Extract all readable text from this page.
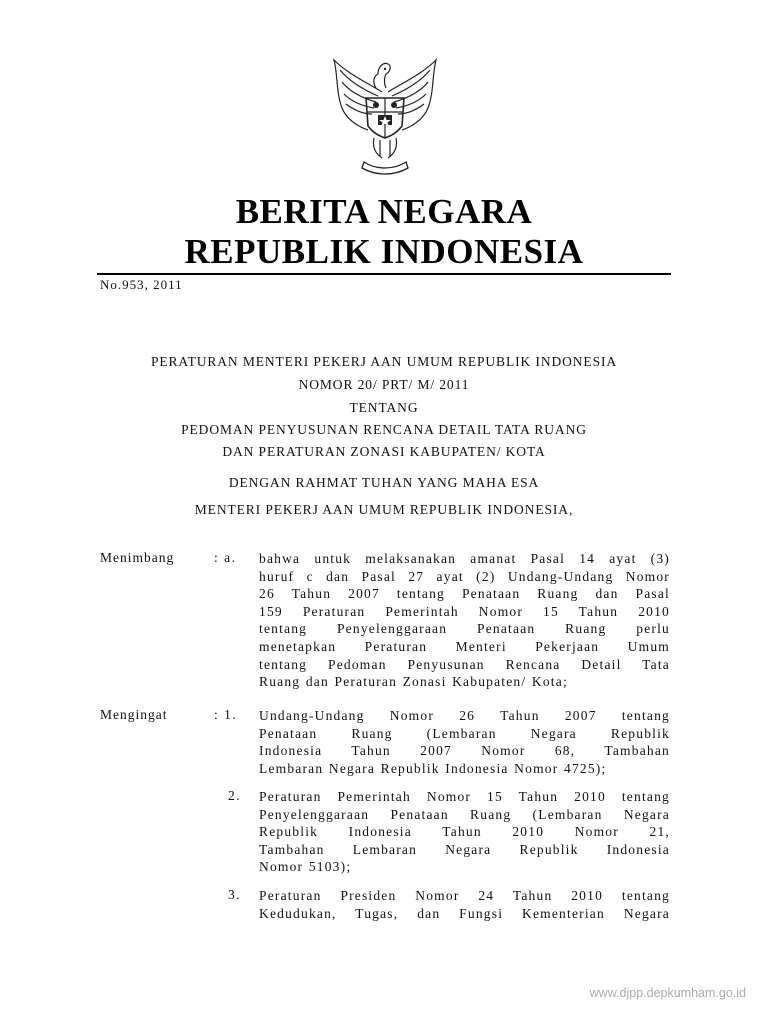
BERITA NEGARA
REPUBLIK INDONESIA
No.953, 2011
PERATURAN MENTERI PEKERJ AAN UMUM REPUBLIK INDONESIA
NOMOR 20/ PRT/ M/ 2011
TENTANG
PEDOMAN PENYUSUNAN RENCANA DETAIL TATA RUANG
DAN PERATURAN ZONASI KABUPATEN/ KOTA
DENGAN RAHMAT TUHAN YANG MAHA ESA
MENTERI PEKERJ AAN UMUM REPUBLIK INDONESIA,
Menimbang	: a. bahwa untuk melaksanakan amanat Pasal 14 ayat (3)
huruf c dan Pasal 27 ayat (2) Undang-Undang Nomor
26 Tahun 2007 tentang Penataan Ruang dan Pasal
159 Peraturan Pemerintah Nomor 15 Tahun 2010
tentang Penyelenggaraan Penataan Ruang perlu
menetapkan Peraturan Menteri Pekerjaan Umum
tentang Pedoman Penyusunan Rencana Detail Tata
Ruang dan Peraturan Zonasi Kabupaten/ Kota;
Mengingat	: 1. Undang-Undang Nomor 26 Tahun 2007 tentang
Penataan Ruang (Lembaran Negara Republik
Indonesia Tahun 2007 Nomor 68, Tambahan
Lembaran Negara Republik Indonesia Nomor 4725);
2. Peraturan Pemerintah Nomor 15 Tahun 2010 tentang
Penyelenggaraan Penataan Ruang (Lembaran Negara
Republik Indonesia Tahun 2010 Nomor 21,
Tambahan Lembaran Negara Republik Indonesia
Nomor 5103);
3. Peraturan Presiden Nomor 24 Tahun 2010 tentang
Kedudukan, Tugas, dan Fungsi Kementerian Negara
www.djpp.depkumham.go.id
